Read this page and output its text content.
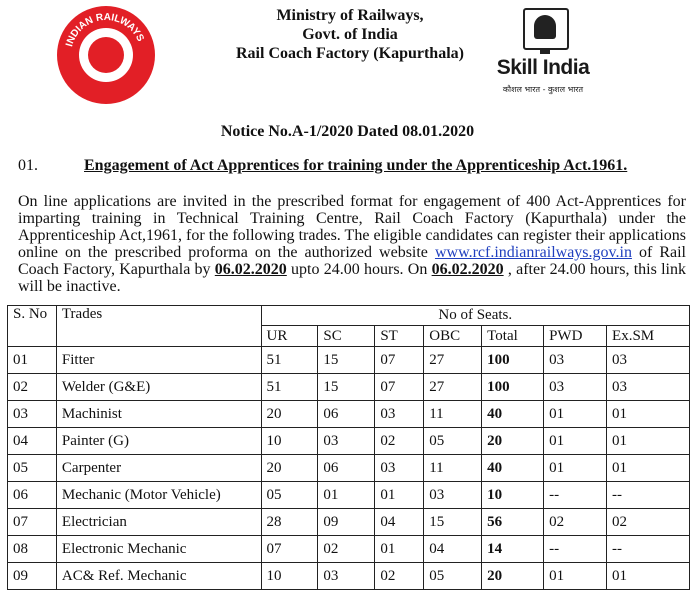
INDIAN RAILWAYS
Ministry of Railways,
Govt. of India
Rail Coach Factory (Kapurthala)
Skill India
कौशल भारत - कुशल भारत
Notice No.A-1/2020 Dated 08.01.2020
01.	Engagement of Act Apprentices for training under the Apprenticeship Act.1961.
On line applications are invited in the prescribed format for engagement of 400 Act-Apprentices for imparting training in Technical Training Centre, Rail Coach Factory (Kapurthala) under the Apprenticeship Act,1961, for the following trades. The eligible candidates can register their applications online on the prescribed proforma on the authorized website www.rcf.indianrailways.gov.in of Rail Coach Factory, Kapurthala by 06.02.2020 upto 24.00 hours. On 06.02.2020 , after 24.00 hours, this link will be inactive.
S. No	Trades	No of Seats.						
		UR	SC	ST	OBC	Total	PWD	Ex.SM
01	Fitter	51	15	07	27	100	03	03
02	Welder (G&E)	51	15	07	27	100	03	03
03	Machinist	20	06	03	11	40	01	01
04	Painter (G)	10	03	02	05	20	01	01
05	Carpenter	20	06	03	11	40	01	01
06	Mechanic (Motor Vehicle)	05	01	01	03	10	--	--
07	Electrician	28	09	04	15	56	02	02
08	Electronic Mechanic	07	02	01	04	14	--	--
09	AC& Ref. Mechanic	10	03	02	05	20	01	01
